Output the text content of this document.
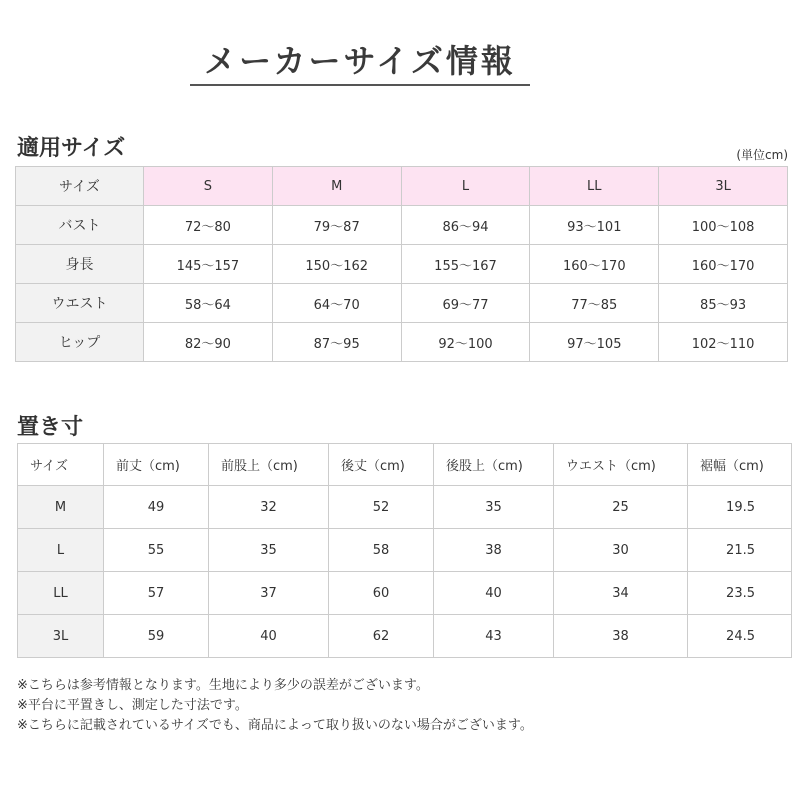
メーカーサイズ情報
適用サイズ	(単位cm)
サイズ	S	M	L	LL	3L
バスト	72〜80	79〜87	86〜94	93〜101	100〜108
身長	145〜157	150〜162	155〜167	160〜170	160〜170
ウエスト	58〜64	64〜70	69〜77	77〜85	85〜93
ヒップ	82〜90	87〜95	92〜100	97〜105	102〜110
置き寸
サイズ	前丈（cm)	前股上（cm)	後丈（cm)	後股上（cm)	ウエスト（cm)	裾幅（cm)
M	49	32	52	35	25	19.5
L	55	35	58	38	30	21.5
LL	57	37	60	40	34	23.5
3L	59	40	62	43	38	24.5
※こちらは参考情報となります。生地により多少の誤差がございます。
※平台に平置きし、測定した寸法です。
※こちらに記載されているサイズでも、商品によって取り扱いのない場合がございます。
